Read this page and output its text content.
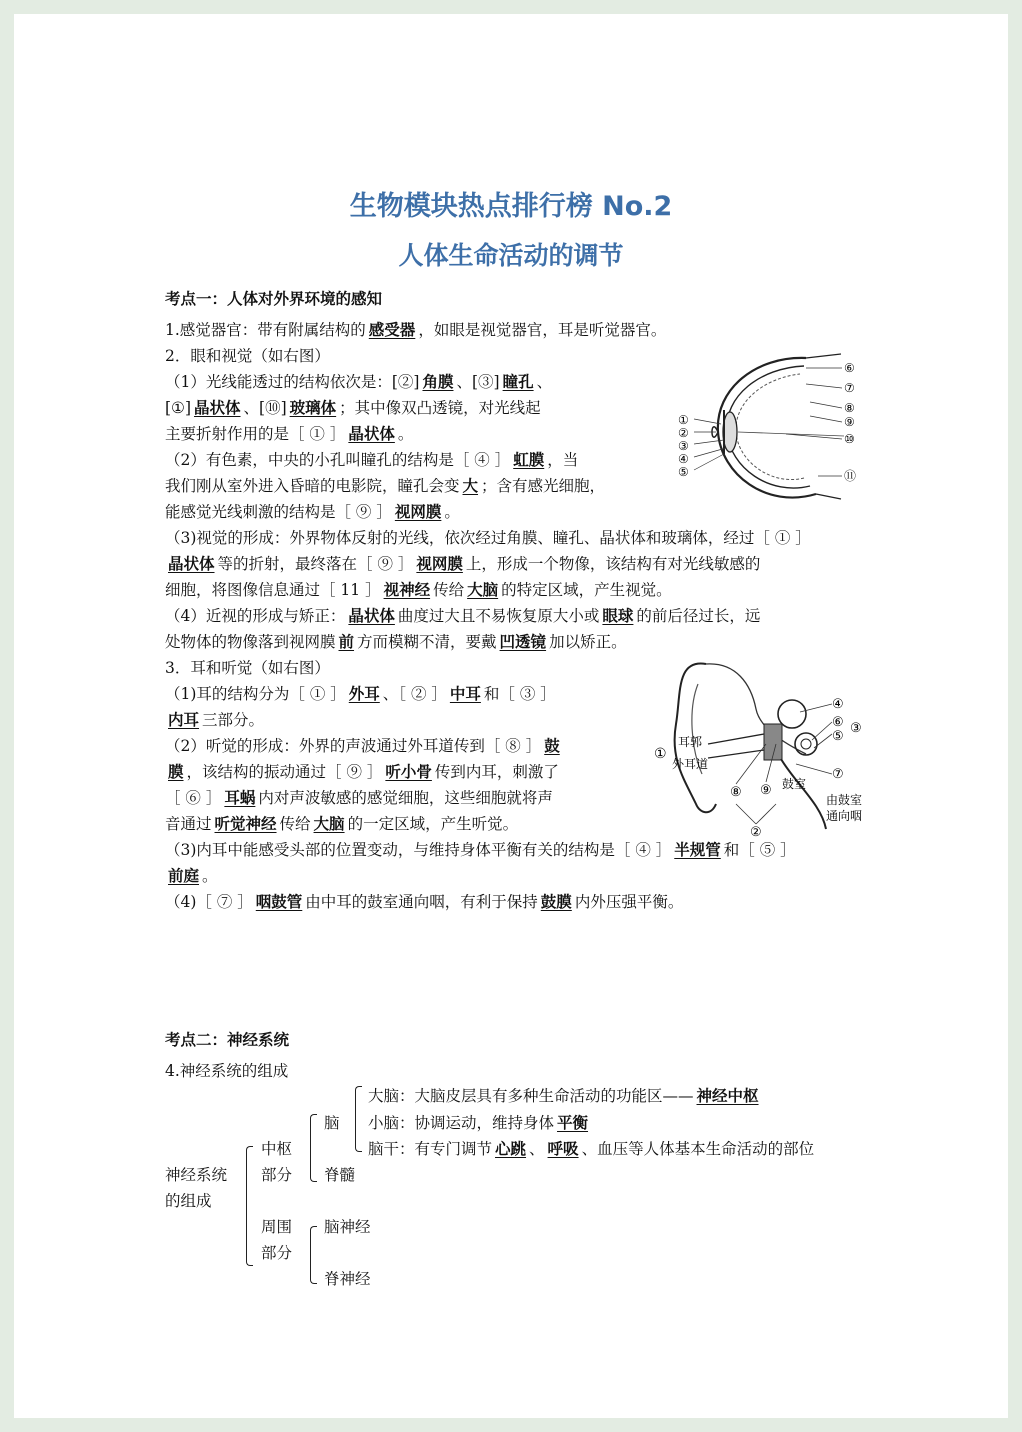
生物模块热点排行榜 No.2
人体生命活动的调节
考点一：人体对外界环境的感知
1.感觉器官：带有附属结构的 感受器 ，如眼是视觉器官，耳是听觉器官。
2．眼和视觉（如右图）
（1）光线能透过的结构依次是：[②] 角膜 、[③] 瞳孔 、
[①] 晶状体 、[⑩] 玻璃体 ；其中像双凸透镜，对光线起
主要折射作用的是［ ① ］ 晶状体 。
（2）有色素，中央的小孔叫瞳孔的结构是［ ④ ］ 虹膜 ，当
我们刚从室外进入昏暗的电影院，瞳孔会变 大 ；含有感光细胞，
能感觉光线刺激的结构是［ ⑨ ］ 视网膜 。
（3)视觉的形成：外界物体反射的光线，依次经过角膜、瞳孔、晶状体和玻璃体，经过［ ① ］
晶状体 等的折射，最终落在［ ⑨ ］ 视网膜 上，形成一个物像，该结构有对光线敏感的
细胞，将图像信息通过［ 11 ］ 视神经 传给 大脑 的特定区域，产生视觉。
（4）近视的形成与矫正： 晶状体 曲度过大且不易恢复原大小或 眼球 的前后径过长，远
处物体的物像落到视网膜 前 方而模糊不清，要戴 凹透镜 加以矫正。
3．耳和听觉（如右图）
（1)耳的结构分为［ ① ］ 外耳 、［ ② ］ 中耳 和［ ③ ］
内耳 三部分。
（2）听觉的形成：外界的声波通过外耳道传到［ ⑧ ］ 鼓
膜 ，该结构的振动通过［ ⑨ ］ 听小骨 传到内耳，刺激了
［ ⑥ ］ 耳蜗 内对声波敏感的感觉细胞，这些细胞就将声
音通过 听觉神经 传给 大脑 的一定区域，产生听觉。
（3)内耳中能感受头部的位置变动，与维持身体平衡有关的结构是［ ④ ］ 半规管 和［ ⑤ ］
前庭 。
（4)［ ⑦ ］ 咽鼓管 由中耳的鼓室通向咽，有利于保持 鼓膜 内外压强平衡。
①
②
③
④
⑤
⑥
⑦
⑧
⑨
⑩
⑪
耳郭
外耳道
①
④
⑥
⑤
③
⑦
⑧ ⑨
②
鼓室
由鼓室
通向咽
考点二：神经系统
4.神经系统的组成
神经系统
的组成
中枢
部分
周围
部分
脑
脊髓
大脑：大脑皮层具有多种生命活动的功能区—— 神经中枢
小脑：协调运动，维持身体 平衡
脑干：有专门调节 心跳 、 呼吸 、血压等人体基本生命活动的部位
脑神经
脊神经
